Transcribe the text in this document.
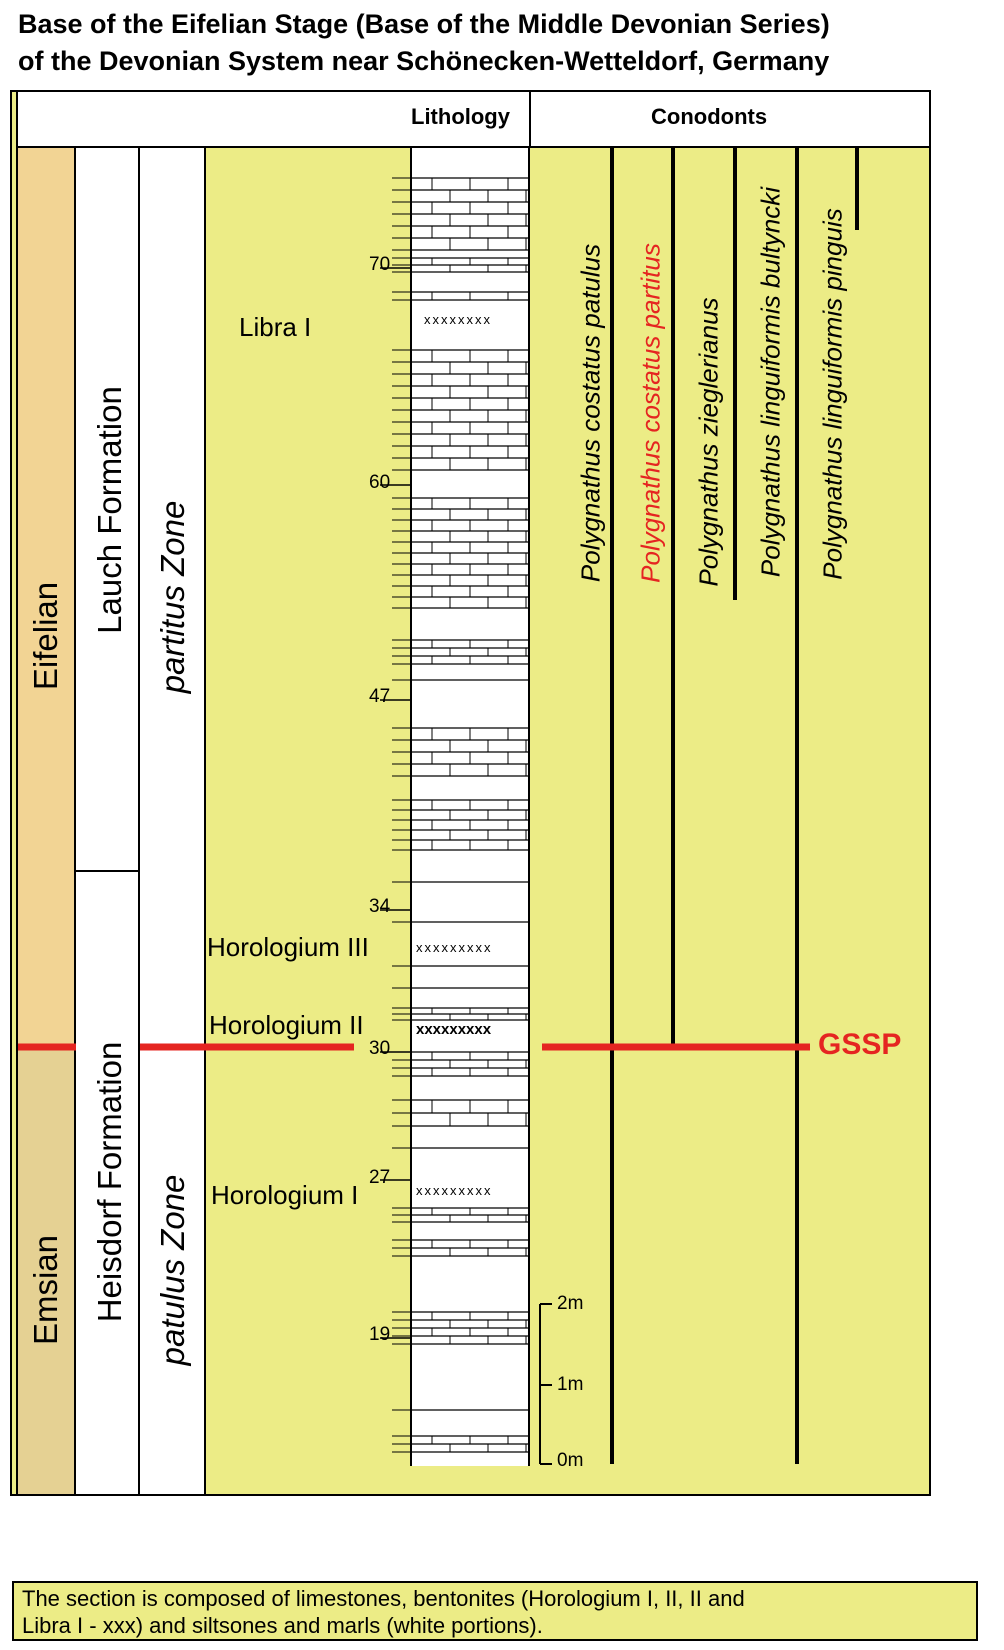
Base of the Eifelian Stage (Base of the Middle Devonian Series)
of the Devonian System near Schönecken-Wetteldorf, Germany
Lithology	Conodonts
Eifelian
Emsian
Lauch Formation
Heisdorf Formation
partitus Zone
patulus Zone
Libra I
Horologium III
Horologium II
Horologium I
70
60
47
34
30
27
19
xxxxxxxx
xxxxxxxxx
xxxxxxxxx
xxxxxxxxx
Polygnathus costatus patulus Polygnathus costatus partitus Polygnathus zieglerianus Polygnathus linguiformis bultyncki Polygnathus linguiformis pinguis
GSSP
2m
1m
0m
The section is composed of limestones, bentonites (Horologium I, II, II and
Libra I - xxx) and siltsones and marls (white portions).
